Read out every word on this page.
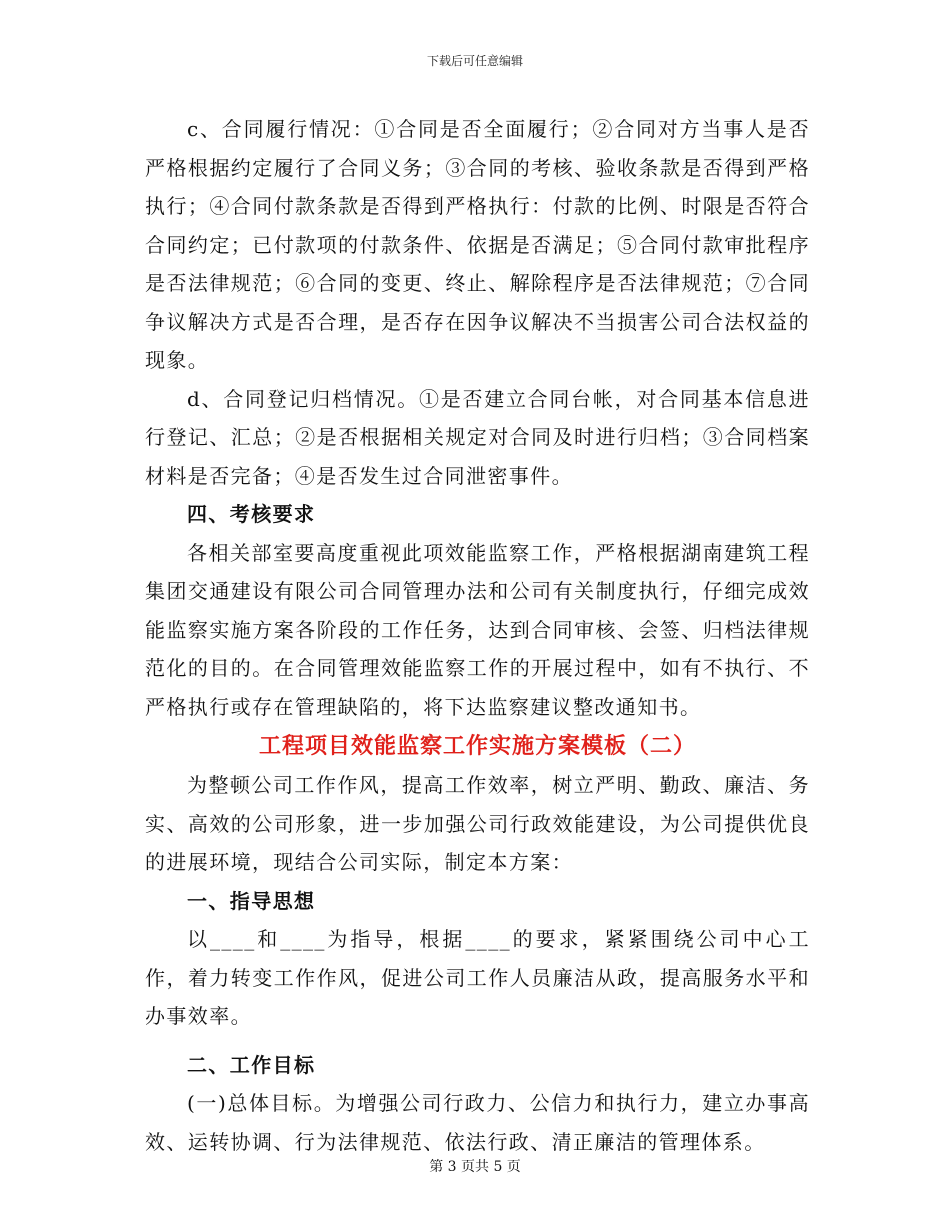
下载后可任意编辑

c、合同履行情况：①合同是否全面履行；②合同对方当事人是否严格根据约定履行了合同义务；③合同的考核、验收条款是否得到严格执行；④合同付款条款是否得到严格执行：付款的比例、时限是否符合合同约定；已付款项的付款条件、依据是否满足；⑤合同付款审批程序是否法律规范；⑥合同的变更、终止、解除程序是否法律规范；⑦合同争议解决方式是否合理，是否存在因争议解决不当损害公司合法权益的现象。

d、合同登记归档情况。①是否建立合同台帐，对合同基本信息进行登记、汇总；②是否根据相关规定对合同及时进行归档；③合同档案材料是否完备；④是否发生过合同泄密事件。

四、考核要求

各相关部室要高度重视此项效能监察工作，严格根据湖南建筑工程集团交通建设有限公司合同管理办法和公司有关制度执行，仔细完成效能监察实施方案各阶段的工作任务，达到合同审核、会签、归档法律规范化的目的。在合同管理效能监察工作的开展过程中，如有不执行、不严格执行或存在管理缺陷的，将下达监察建议整改通知书。

工程项目效能监察工作实施方案模板（二）

为整顿公司工作作风，提高工作效率，树立严明、勤政、廉洁、务实、高效的公司形象，进一步加强公司行政效能建设，为公司提供优良的进展环境，现结合公司实际，制定本方案：

一、指导思想

以____和____为指导，根据____的要求，紧紧围绕公司中心工作，着力转变工作作风，促进公司工作人员廉洁从政，提高服务水平和办事效率。

二、工作目标

(一)总体目标。为增强公司行政力、公信力和执行力，建立办事高效、运转协调、行为法律规范、依法行政、清正廉洁的管理体系。

第 3 页共 5 页
